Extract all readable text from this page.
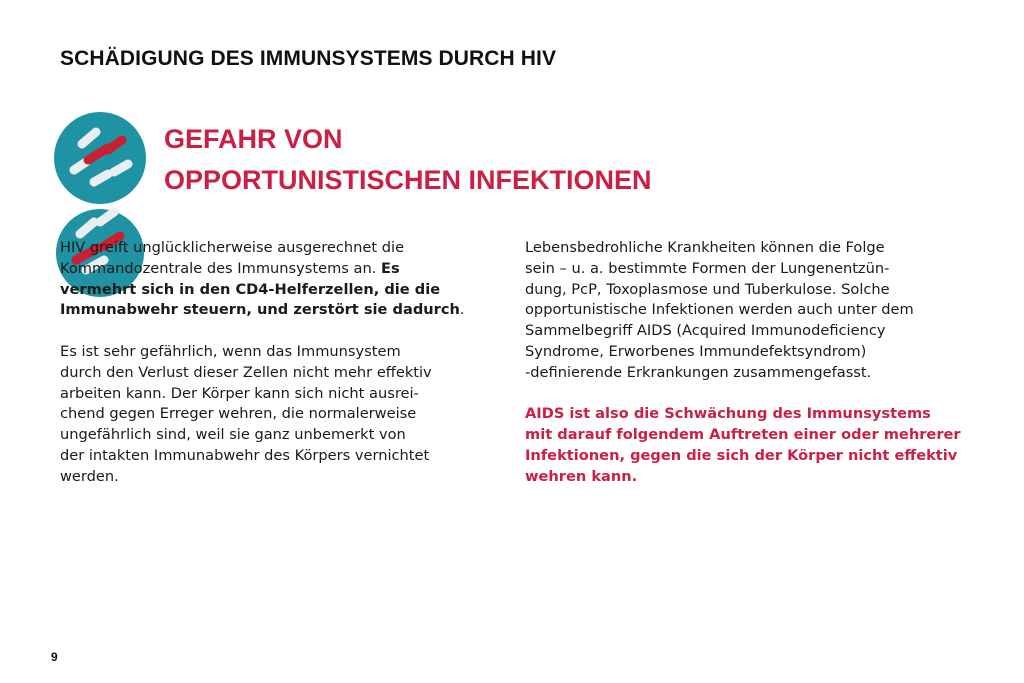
SCHÄDIGUNG DES IMMUNSYSTEMS DURCH HIV
GEFAHR VON
OPPORTUNISTISCHEN INFEKTIONEN

HIV greift unglücklicherweise ausgerechnet die
Kommandozentrale des Immunsystems an. Es
vermehrt sich in den CD4-Helferzellen, die die
Immunabwehr steuern, und zerstört sie dadurch.

Es ist sehr gefährlich, wenn das Immunsystem
durch den Verlust dieser Zellen nicht mehr effektiv
arbeiten kann. Der Körper kann sich nicht ausrei-
chend gegen Erreger wehren, die normalerweise
ungefährlich sind, weil sie ganz unbemerkt von
der intakten Immunabwehr des Körpers vernichtet
werden.

Lebensbedrohliche Krankheiten können die Folge
sein – u. a. bestimmte Formen der Lungenentzün-
dung, PcP, Toxoplasmose und Tuberkulose. Solche
opportunistische Infektionen werden auch unter dem
Sammelbegriff AIDS (Acquired Immunodeficiency
Syndrome, Erworbenes Immundefektsyndrom)
-definierende Erkrankungen zusammengefasst.

AIDS ist also die Schwächung des Immunsystems
mit darauf folgendem Auftreten einer oder mehrerer
Infektionen, gegen die sich der Körper nicht effektiv
wehren kann.

9
